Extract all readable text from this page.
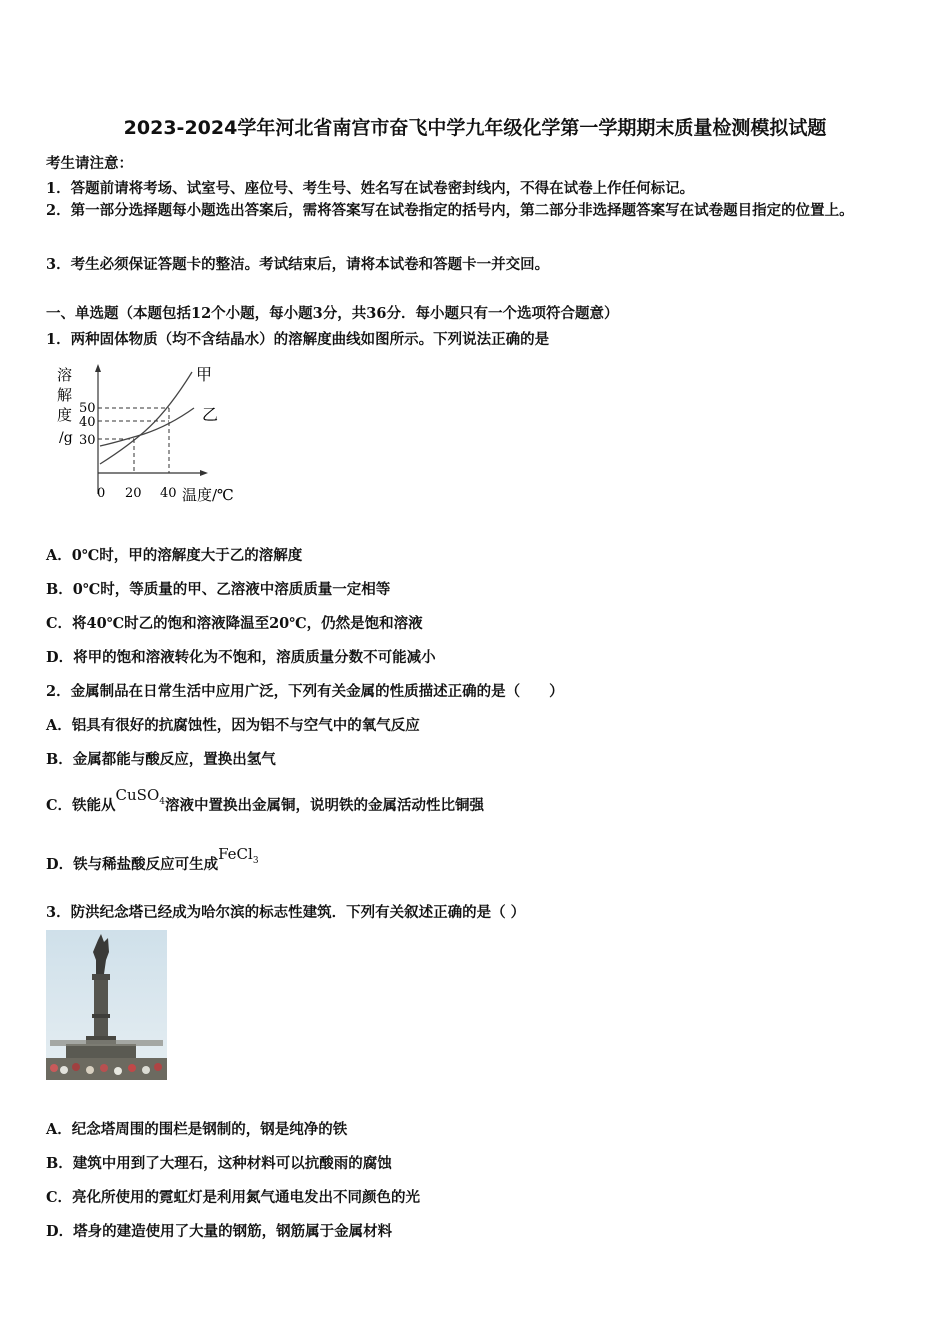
2023-2024学年河北省南宫市奋飞中学九年级化学第一学期期末质量检测模拟试题
考生请注意：
1．答题前请将考场、试室号、座位号、考生号、姓名写在试卷密封线内，不得在试卷上作任何标记。
2．第一部分选择题每小题选出答案后，需将答案写在试卷指定的括号内，第二部分非选择题答案写在试卷题目指定的位置上。
3．考生必须保证答题卡的整洁。考试结束后，请将本试卷和答题卡一并交回。
一、单选题（本题包括12个小题，每小题3分，共36分．每小题只有一个选项符合题意）
1．两种固体物质（均不含结晶水）的溶解度曲线如图所示。下列说法正确的是
溶
解
度
/g
50
40
30
0 20 40 温度/℃
甲
乙
A．0℃时，甲的溶解度大于乙的溶解度
B．0℃时，等质量的甲、乙溶液中溶质质量一定相等
C．将40℃时乙的饱和溶液降温至20℃，仍然是饱和溶液
D．将甲的饱和溶液转化为不饱和，溶质质量分数不可能减小
2．金属制品在日常生活中应用广泛，下列有关金属的性质描述正确的是（　　）
A．铝具有很好的抗腐蚀性，因为铝不与空气中的氧气反应
B．金属都能与酸反应，置换出氢气
C．铁能从CuSO$_4$溶液中置换出金属铜，说明铁的金属活动性比铜强
D．铁与稀盐酸反应可生成FeCl$_3$
3．防洪纪念塔已经成为哈尔滨的标志性建筑．下列有关叙述正确的是（ ）
A．纪念塔周围的围栏是钢制的，钢是纯净的铁
B．建筑中用到了大理石，这种材料可以抗酸雨的腐蚀
C．亮化所使用的霓虹灯是利用氮气通电发出不同颜色的光
D．塔身的建造使用了大量的钢筋，钢筋属于金属材料
